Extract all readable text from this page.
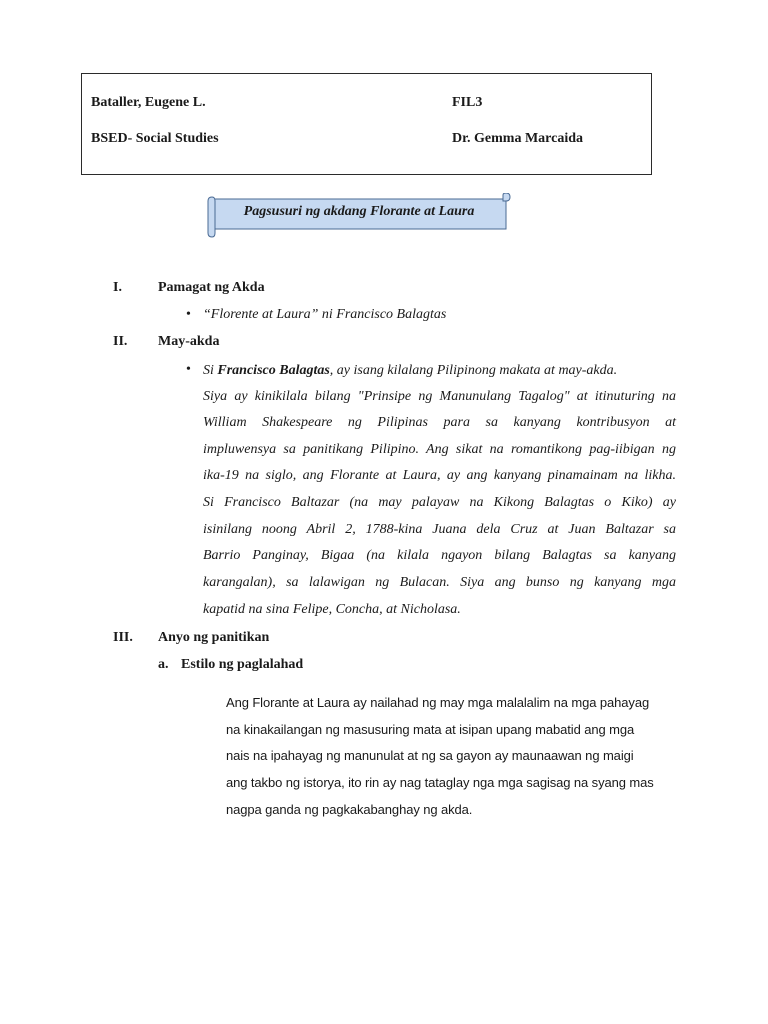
Bataller, Eugene L.	FIL3
BSED- Social Studies	Dr. Gemma Marcaida
Pagsusuri ng akdang Florante at Laura
I.	Pamagat ng Akda
• “Florente at Laura” ni Francisco Balagtas
II. May-akda
• Si Francisco Balagtas, ay isang kilalang Pilipinong makata at may-akda.
Siya ay kinikilala bilang "Prinsipe ng Manunulang Tagalog" at itinuturing na
William Shakespeare ng Pilipinas para sa kanyang kontribusyon at
impluwensya sa panitikang Pilipino. Ang sikat na romantikong pag-iibigan ng
ika-19 na siglo, ang Florante at Laura, ay ang kanyang pinamainam na likha.
Si Francisco Baltazar (na may palayaw na Kikong Balagtas o Kiko) ay
isinilang noong Abril 2, 1788-kina Juana dela Cruz at Juan Baltazar sa
Barrio Panginay, Bigaa (na kilala ngayon bilang Balagtas sa kanyang
karangalan), sa lalawigan ng Bulacan. Siya ang bunso ng kanyang mga
kapatid na sina Felipe, Concha, at Nicholasa.
III. Anyo ng panitikan
a. Estilo ng paglalahad
Ang Florante at Laura ay nailahad ng may mga malalalim na mga pahayag
na kinakailangan ng masusuring mata at isipan upang mabatid ang mga
nais na ipahayag ng manunulat at ng sa gayon ay maunaawan ng maigi
ang takbo ng istorya, ito rin ay nag tataglay nga mga sagisag na syang mas
nagpa ganda ng pagkakabanghay ng akda.
